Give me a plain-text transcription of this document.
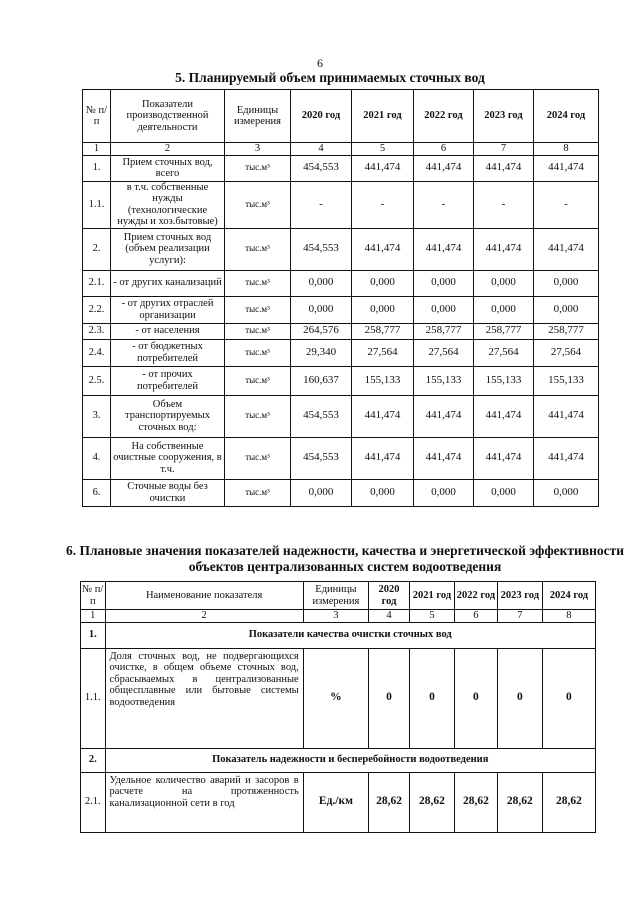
6
5. Планируемый объем принимаемых сточных вод
№ п/п	Показатели производственной деятельности	Единицы измерения	2020 год	2021 год	2022 год	2023 год	2024 год
1	2	3	4	5	6	7	8
1.	Прием сточных вод, всего	тыс.м³	454,553	441,474	441,474	441,474	441,474
1.1.	в т.ч. собственные нужды (технологические нужды и хоз.бытовые)	тыс.м³	-	-	-	-	-
2.	Прием сточных вод (объем реализации услуги):	тыс.м³	454,553	441,474	441,474	441,474	441,474
2.1.	- от других канализаций	тыс.м³	0,000	0,000	0,000	0,000	0,000
2.2.	- от других отраслей организации	тыс.м³	0,000	0,000	0,000	0,000	0,000
2.3.	- от населения	тыс.м³	264,576	258,777	258,777	258,777	258,777
2.4.	- от бюджетных потребителей	тыс.м³	29,340	27,564	27,564	27,564	27,564
2.5.	- от прочих потребителей	тыс.м³	160,637	155,133	155,133	155,133	155,133
3.	Объем транспортируемых сточных вод:	тыс.м³	454,553	441,474	441,474	441,474	441,474
4.	На собственные очистные сооружения, в т.ч.	тыс.м³	454,553	441,474	441,474	441,474	441,474
6.	Сточные воды без очистки	тыс.м³	0,000	0,000	0,000	0,000	0,000
6. Плановые значения показателей надежности, качества и энергетической эффективности объектов централизованных систем водоотведения
№ п/п	Наименование показателя	Единицы измерения	2020 год	2021 год	2022 год	2023 год	2024 год
1	2	3	4	5	6	7	8
1.	Показатели качества очистки сточных вод						
1.1.	Доля сточных вод, не подвергающихся очистке, в общем объеме сточных вод, сбрасываемых в централизованные общесплавные или бытовые системы водоотведения	%	0	0	0	0	0
2.	Показатель надежности и бесперебойности водоотведения						
2.1.	Удельное количество аварий и засоров в расчете на протяженность канализационной сети в год	Ед./км	28,62	28,62	28,62	28,62	28,62
